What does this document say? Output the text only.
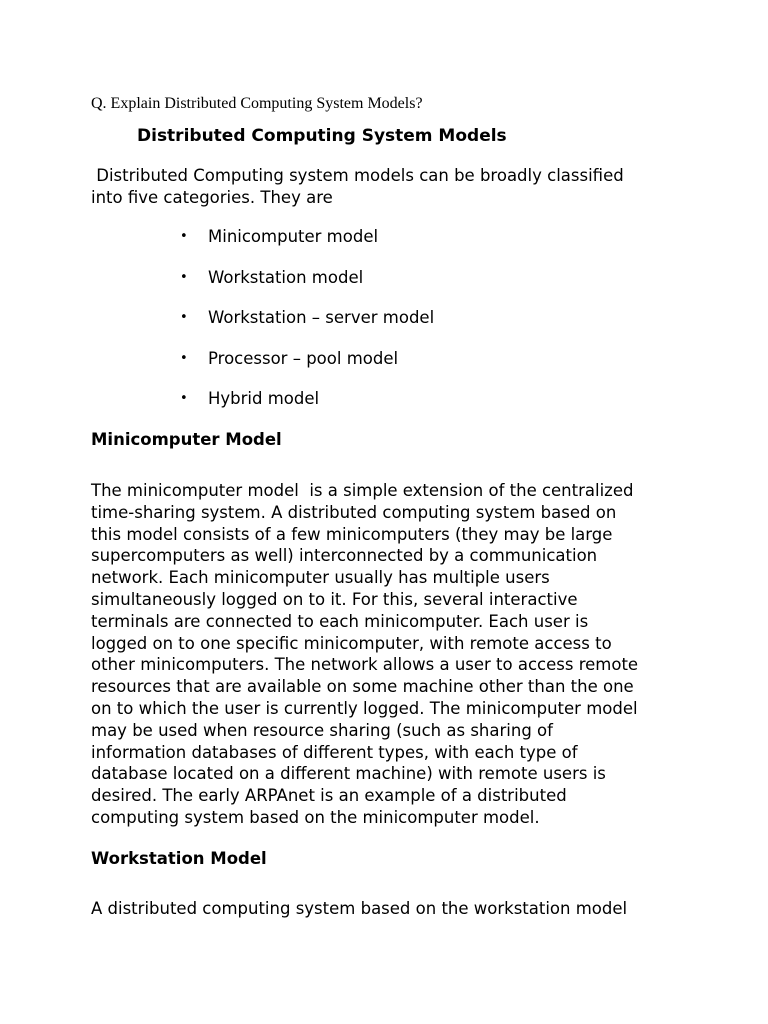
Q. Explain Distributed Computing System Models?
Distributed Computing System Models
Distributed Computing system models can be broadly classified
into five categories. They are
• Minicomputer model
• Workstation model
• Workstation – server model
• Processor – pool model
• Hybrid model
Minicomputer Model
The minicomputer model  is a simple extension of the centralized
time-sharing system. A distributed computing system based on
this model consists of a few minicomputers (they may be large
supercomputers as well) interconnected by a communication
network. Each minicomputer usually has multiple users
simultaneously logged on to it. For this, several interactive
terminals are connected to each minicomputer. Each user is
logged on to one specific minicomputer, with remote access to
other minicomputers. The network allows a user to access remote
resources that are available on some machine other than the one
on to which the user is currently logged. The minicomputer model
may be used when resource sharing (such as sharing of
information databases of different types, with each type of
database located on a different machine) with remote users is
desired. The early ARPAnet is an example of a distributed
computing system based on the minicomputer model.
Workstation Model
A distributed computing system based on the workstation model
